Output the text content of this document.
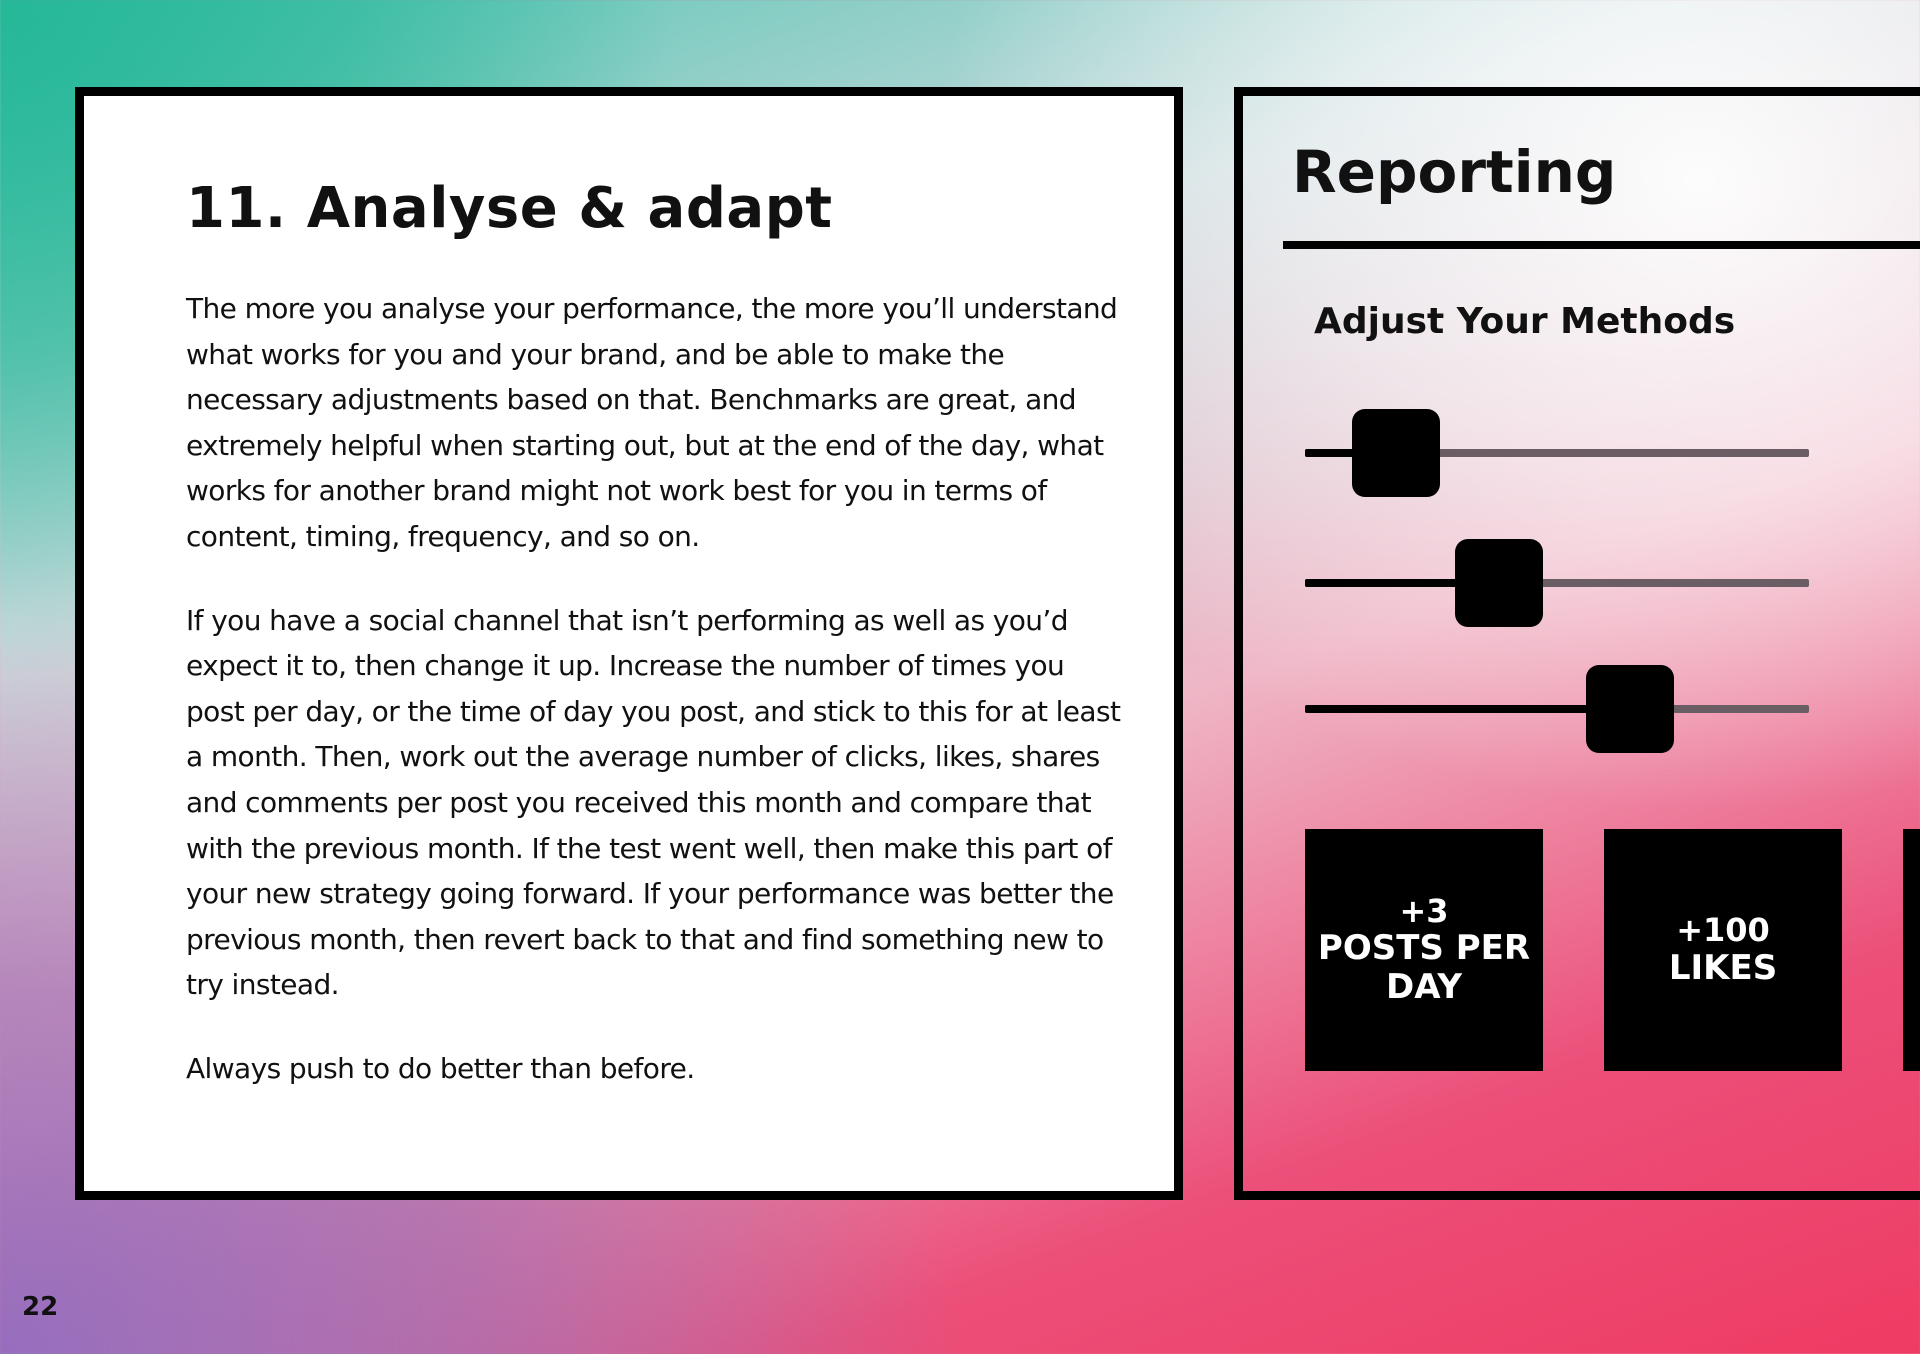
11. Analyse & adapt

The more you analyse your performance, the more you’ll understand what works for you and your brand, and be able to make the necessary adjustments based on that. Benchmarks are great, and extremely helpful when starting out, but at the end of the day, what works for another brand might not work best for you in terms of content, timing, frequency, and so on.

If you have a social channel that isn’t performing as well as you’d expect it to, then change it up. Increase the number of times you post per day, or the time of day you post, and stick to this for at least a month. Then, work out the average number of clicks, likes, shares and comments per post you received this month and compare that with the previous month. If the test went well, then make this part of your new strategy going forward. If your performance was better the previous month, then revert back to that and find something new to try instead.

Always push to do better than before.

Reporting
Adjust Your Methods
+3
POSTS PER DAY
+100
LIKES

22
